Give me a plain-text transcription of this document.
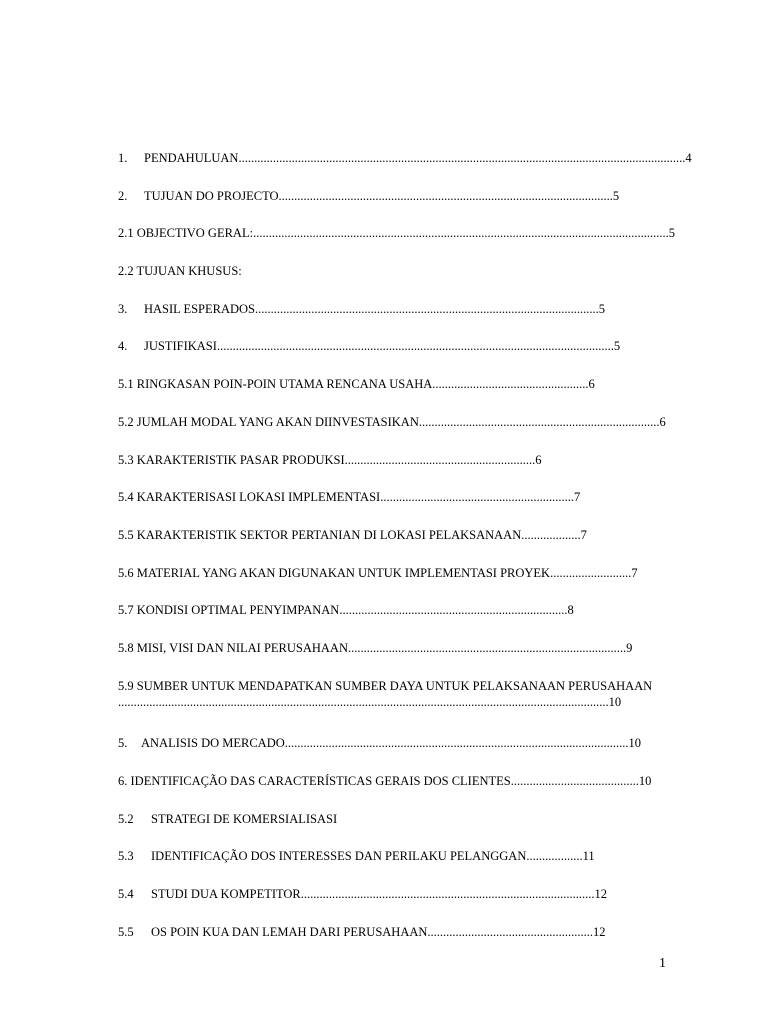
1. PENDAHULUAN...............................................................................................................................................4
2. TUJUAN DO PROJECTO...........................................................................................................5
2.1 OBJECTIVO GERAL:.....................................................................................................................................5
2.2 TUJUAN KHUSUS:
3. HASIL ESPERADOS..............................................................................................................5
4. JUSTIFIKASI...............................................................................................................................5
5.1 RINGKASAN POIN-POIN UTAMA RENCANA USAHA..................................................6
5.2 JUMLAH MODAL YANG AKAN DIINVESTASIKAN.............................................................................6
5.3 KARAKTERISTIK PASAR PRODUKSI.............................................................6
5.4 KARAKTERISASI LOKASI IMPLEMENTASI..............................................................7
5.5 KARAKTERISTIK SEKTOR PERTANIAN DI LOKASI PELAKSANAAN...................7
5.6 MATERIAL YANG AKAN DIGUNAKAN UNTUK IMPLEMENTASI PROYEK..........................7
5.7 KONDISI OPTIMAL PENYIMPANAN.........................................................................8
5.8 MISI, VISI DAN NILAI PERUSAHAAN.........................................................................................9
5.9 SUMBER UNTUK MENDAPATKAN SUMBER DAYA UNTUK PELAKSANAAN PERUSAHAAN
.............................................................................................................................................................10
5. ANALISIS DO MERCADO..............................................................................................................10
6. IDENTIFICAÇÃO DAS CARACTERÍSTICAS GERAIS DOS CLIENTES.........................................10
5.2 STRATEGI DE KOMERSIALISASI
5.3 IDENTIFICAÇÃO DOS INTERESSES DAN PERILAKU PELANGGAN..................11
5.4 STUDI DUA KOMPETITOR..............................................................................................12
5.5 OS POIN KUA DAN LEMAH DARI PERUSAHAAN.....................................................12
1
